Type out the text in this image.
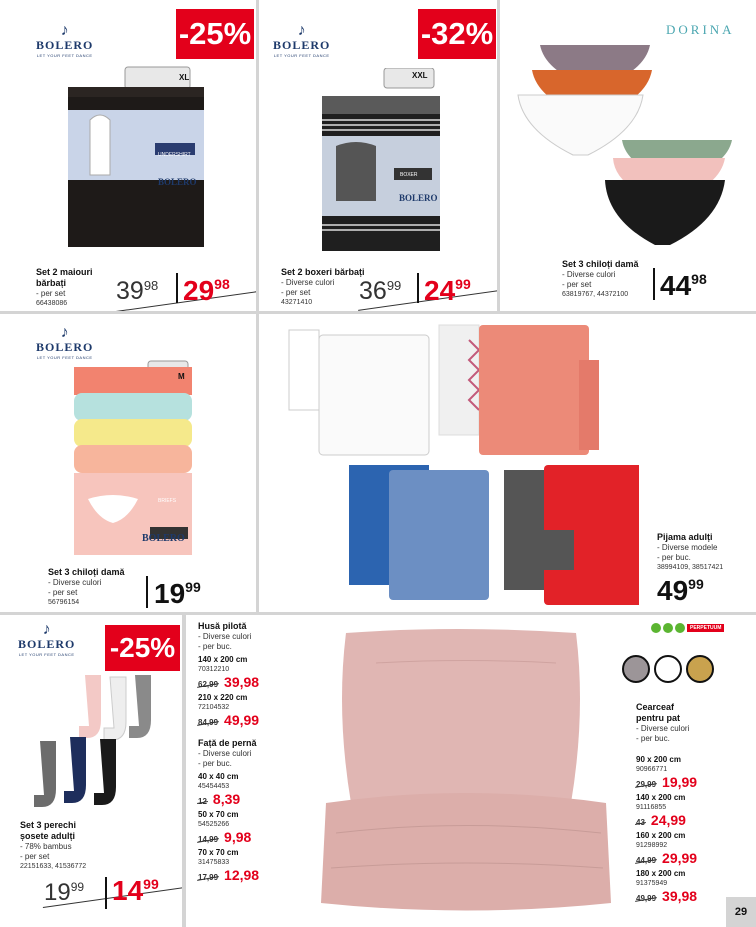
♪
BOLERO
LET YOUR FEET DANCE
-25%
XL
UNDERSHIRT
BOLERO
Set 2 maiouri bărbați
- per set
66438086	39 98 29 98
♪
BOLERO
LET YOUR FEET DANCE
-32%
XXL
BOXER
BOLERO
Set 2 boxeri bărbați
- Diverse culori
- per set
43271410	36 99 24 99
DORINA
Set 3 chiloți damă
- Diverse culori
- per set
63819767, 44372100	44 98
♪
BOLERO
LET YOUR FEET DANCE
M
BRIEFS
BOLERO
Set 3 chiloți damă
- Diverse culori
- per set
56796154	19 99
Pijama adulți
- Diverse modele
- per buc.
38994109, 38517421
49 99
♪
BOLERO
LET YOUR FEET DANCE -25%
Set 3 perechi
șosete adulți
- 78% bambus
- per set
22151633, 41536772
19 99 14 99
Husă pilotă
- Diverse culori
- per buc.
140 x 200 cm
70312210
62,99 39,98
210 x 220 cm
72104532
84,99 49,99
Față de pernă
- Diverse culori
- per buc.
40 x 40 cm
45454453
12 8,39
50 x 70 cm
54525266
14,99 9,98
70 x 70 cm
31475833
17,99 12,98
PERPETUUM
Cearceaf
pentru pat
- Diverse culori
- per buc.
90 x 200 cm
90966771
29,99 19,99
140 x 200 cm
91116855
43 24,99
160 x 200 cm
91298992
44,99 29,99
180 x 200 cm
91375949
49,99 39,98
29
